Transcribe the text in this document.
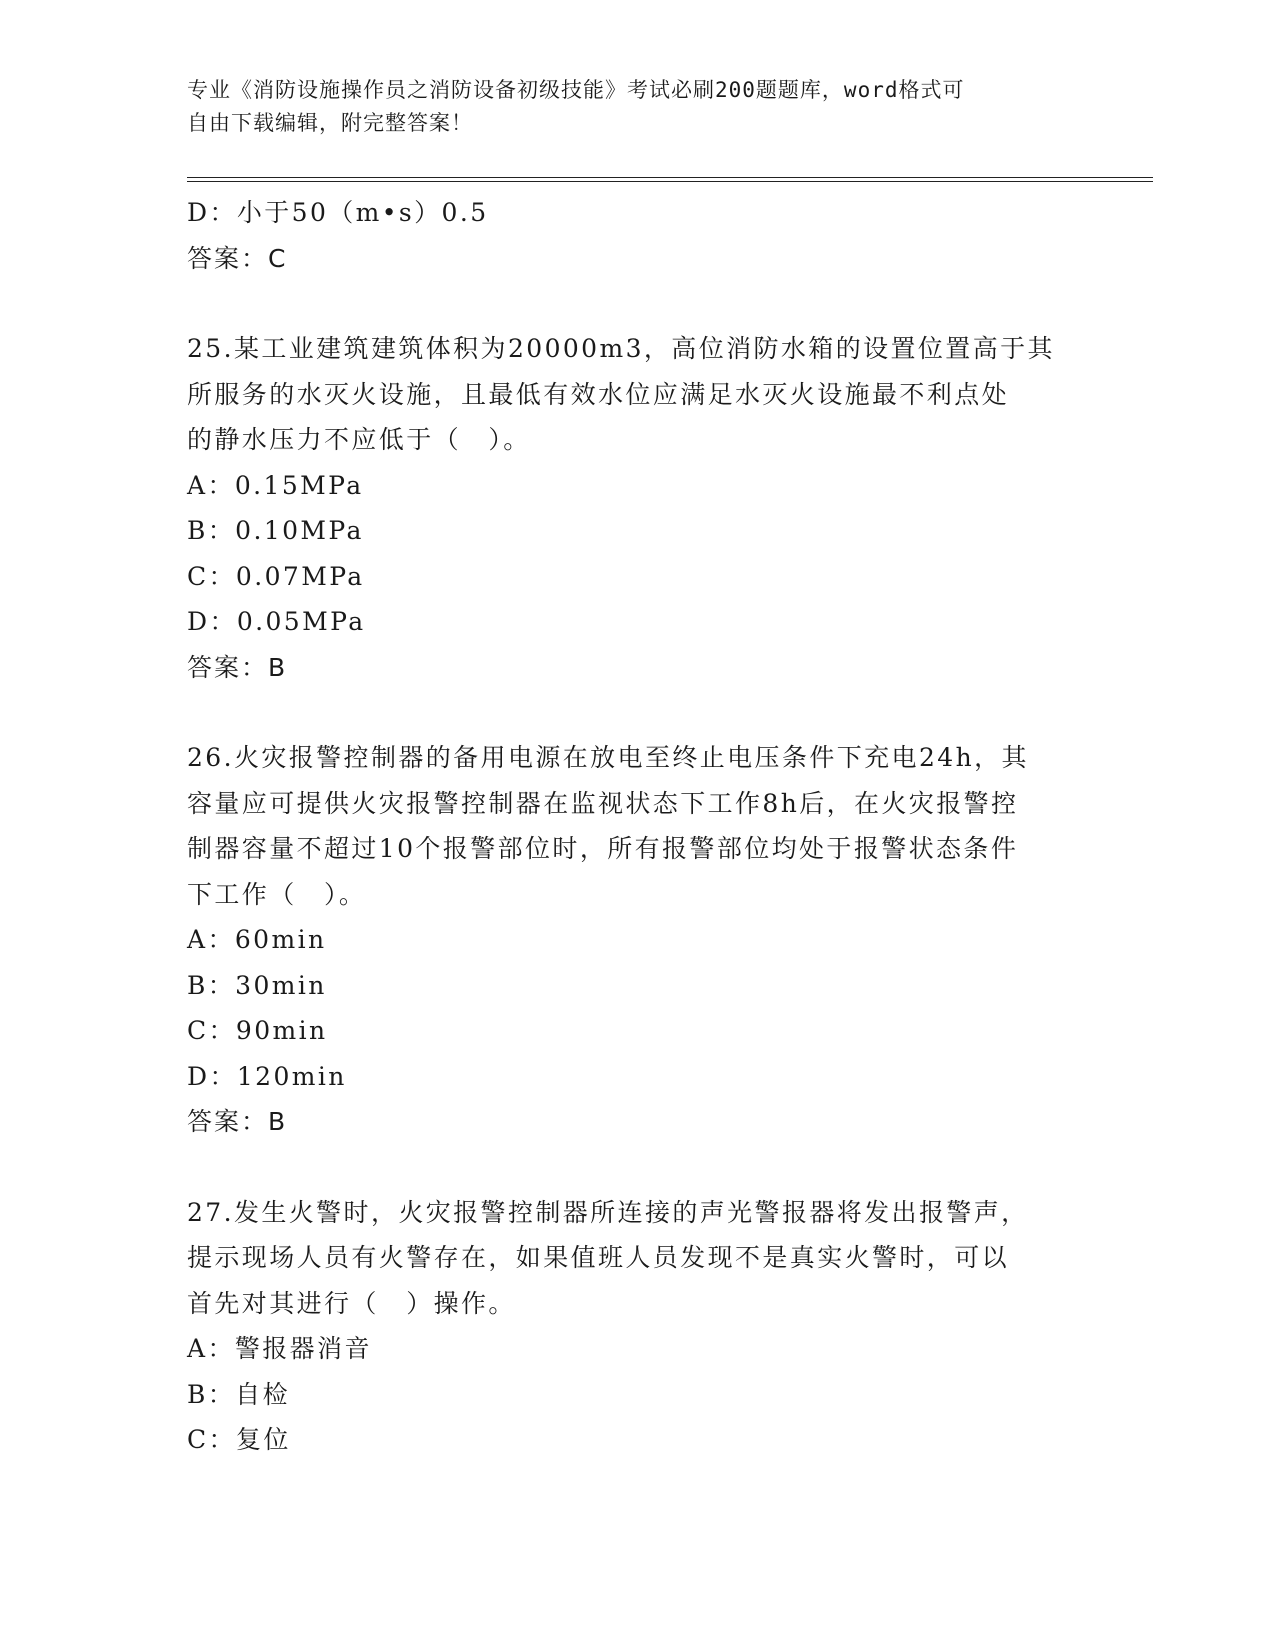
专业《消防设施操作员之消防设备初级技能》考试必刷200题题库，word格式可
自由下载编辑，附完整答案！
D：小于50（m•s）0.5
答案：C
25.某工业建筑建筑体积为20000m3，高位消防水箱的设置位置高于其
所服务的水灭火设施，且最低有效水位应满足水灭火设施最不利点处
的静水压力不应低于（　）。
A：0.15MPa
B：0.10MPa
C：0.07MPa
D：0.05MPa
答案：B
26.火灾报警控制器的备用电源在放电至终止电压条件下充电24h，其
容量应可提供火灾报警控制器在监视状态下工作8h后，在火灾报警控
制器容量不超过10个报警部位时，所有报警部位均处于报警状态条件
下工作（　）。
A：60min
B：30min
C：90min
D：120min
答案：B
27.发生火警时，火灾报警控制器所连接的声光警报器将发出报警声，
提示现场人员有火警存在，如果值班人员发现不是真实火警时，可以
首先对其进行（　）操作。
A：警报器消音
B：自检
C：复位
